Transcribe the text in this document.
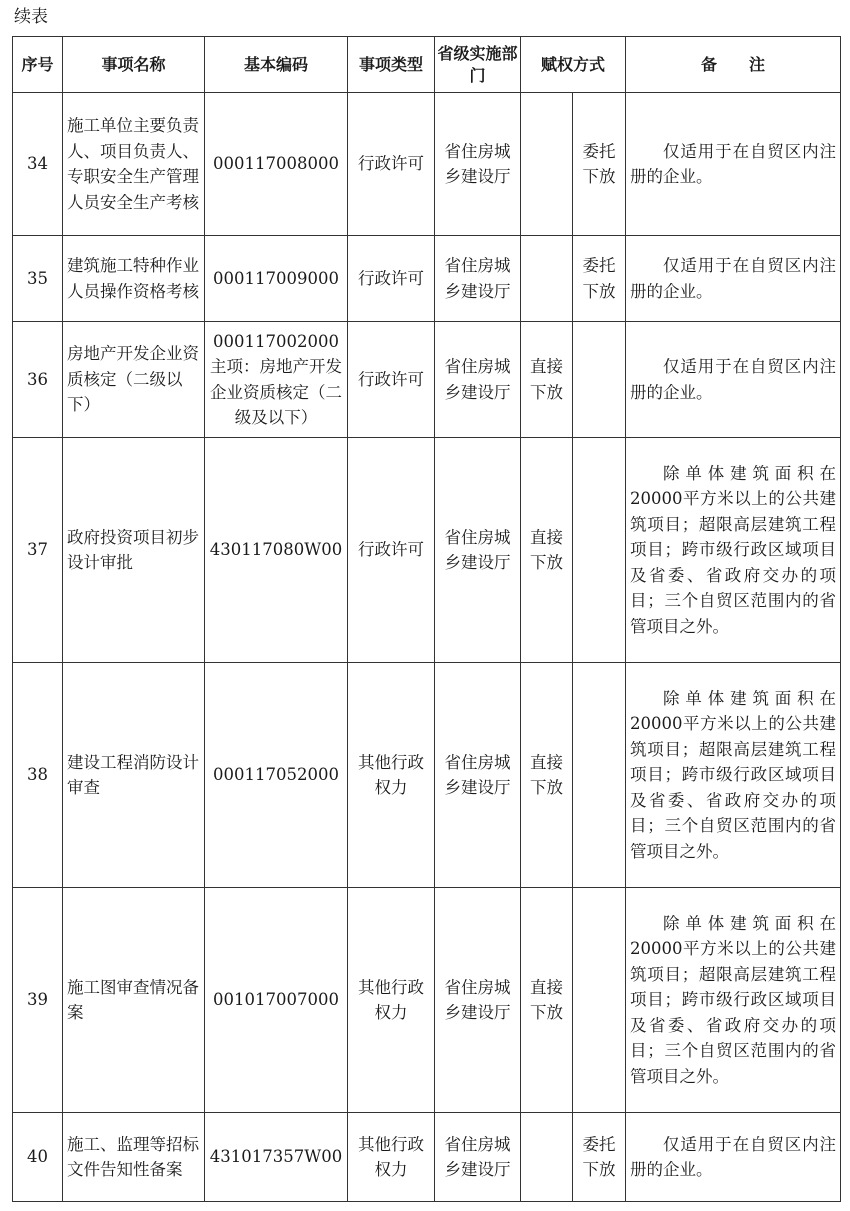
续表
序号	事项名称	基本编码	事项类型	省级实施部门	赋权方式		备　　注
34	施工单位主要负责人、项目负责人、专职安全生产管理人员安全生产考核	000117008000	行政许可	省住房城乡建设厅		委托下放	仅适用于在自贸区内注册的企业。
35	建筑施工特种作业人员操作资格考核	000117009000	行政许可	省住房城乡建设厅		委托下放	仅适用于在自贸区内注册的企业。
36	房地产开发企业资质核定（二级以下）	000117002000 主项：房地产开发企业资质核定（二级及以下）	行政许可	省住房城乡建设厅	直接下放		仅适用于在自贸区内注册的企业。
37	政府投资项目初步设计审批	430117080W00	行政许可	省住房城乡建设厅	直接下放		除单体建筑面积在20000平方米以上的公共建筑项目；超限高层建筑工程项目；跨市级行政区域项目及省委、省政府交办的项目；三个自贸区范围内的省管项目之外。
38	建设工程消防设计审查	000117052000	其他行政权力	省住房城乡建设厅	直接下放		除单体建筑面积在20000平方米以上的公共建筑项目；超限高层建筑工程项目；跨市级行政区域项目及省委、省政府交办的项目；三个自贸区范围内的省管项目之外。
39	施工图审查情况备案	001017007000	其他行政权力	省住房城乡建设厅	直接下放		除单体建筑面积在20000平方米以上的公共建筑项目；超限高层建筑工程项目；跨市级行政区域项目及省委、省政府交办的项目；三个自贸区范围内的省管项目之外。
40	施工、监理等招标文件告知性备案	431017357W00	其他行政权力	省住房城乡建设厅		委托下放	仅适用于在自贸区内注册的企业。
